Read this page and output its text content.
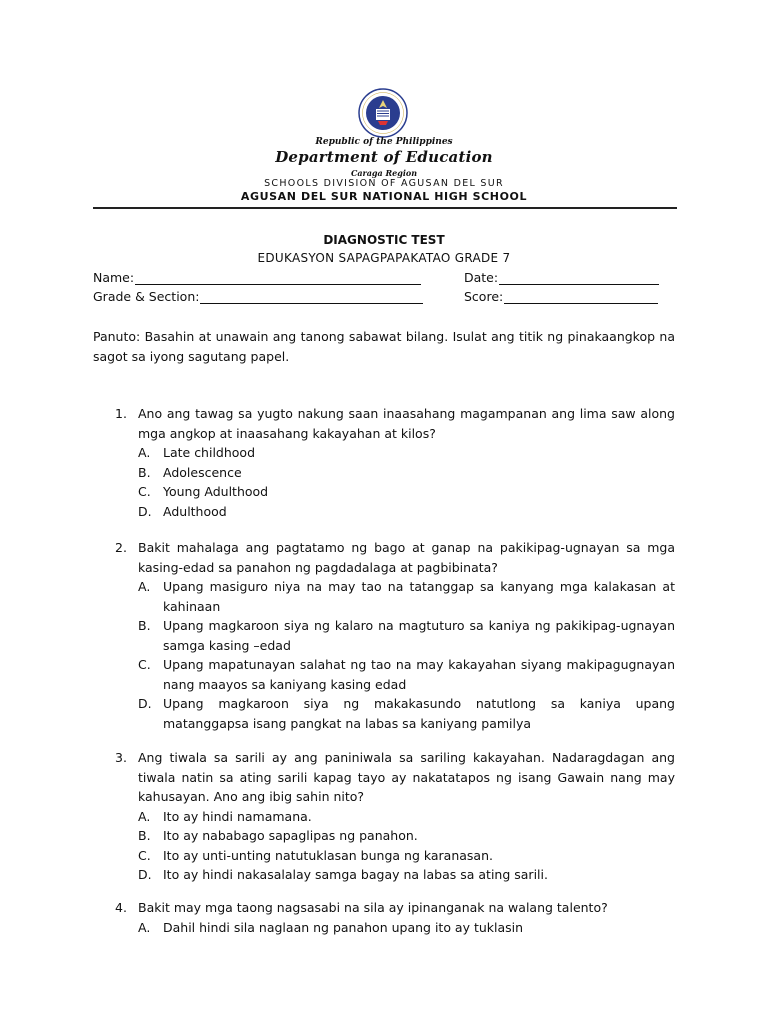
Republic of the Philippines
Department of Education
Caraga Region
SCHOOLS DIVISION OF AGUSAN DEL SUR
AGUSAN DEL SUR NATIONAL HIGH SCHOOL
DIAGNOSTIC TEST
EDUKASYON SAPAGPAPAKATAO GRADE 7
Name:	Date:
Grade & Section:	Score:
Panuto: Basahin at unawain ang tanong sabawat bilang. Isulat ang titik ng pinakaangkop na sagot sa iyong sagutang papel.
1. Ano ang tawag sa yugto nakung saan inaasahang magampanan ang lima saw along mga angkop at inaasahang kakayahan at kilos?
A.	Late childhood
B. Adolescence
C. Young Adulthood
D. Adulthood
2. Bakit mahalaga ang pagtatamo ng bago at ganap na pakikipag-ugnayan sa mga kasing-edad sa panahon ng pagdadalaga at pagbibinata?
A.	Upang masiguro niya na may tao na tatanggap sa kanyang mga kalakasan at kahinaan
B. Upang magkaroon siya ng kalaro na magtuturo sa kaniya ng pakikipag-ugnayan samga kasing –edad
C. Upang mapatunayan salahat ng tao na may kakayahan siyang makipagugnayan nang maayos sa kaniyang kasing edad
D. Upang magkaroon siya ng makakasundo natutlong sa kaniya upang matanggapsa isang pangkat na labas sa kaniyang pamilya
3. Ang tiwala sa sarili ay ang paniniwala sa sariling kakayahan. Nadaragdagan ang tiwala natin sa ating sarili kapag tayo ay nakatatapos ng isang Gawain nang may kahusayan. Ano ang ibig sahin nito?
A.	Ito ay hindi namamana.
B. Ito ay nababago sapaglipas ng panahon.
C. Ito ay unti-unting natutuklasan bunga ng karanasan.
D. Ito ay hindi nakasalalay samga bagay na labas sa ating sarili.
4. Bakit may mga taong nagsasabi na sila ay ipinanganak na walang talento?
A.	Dahil hindi sila naglaan ng panahon upang ito ay tuklasin
